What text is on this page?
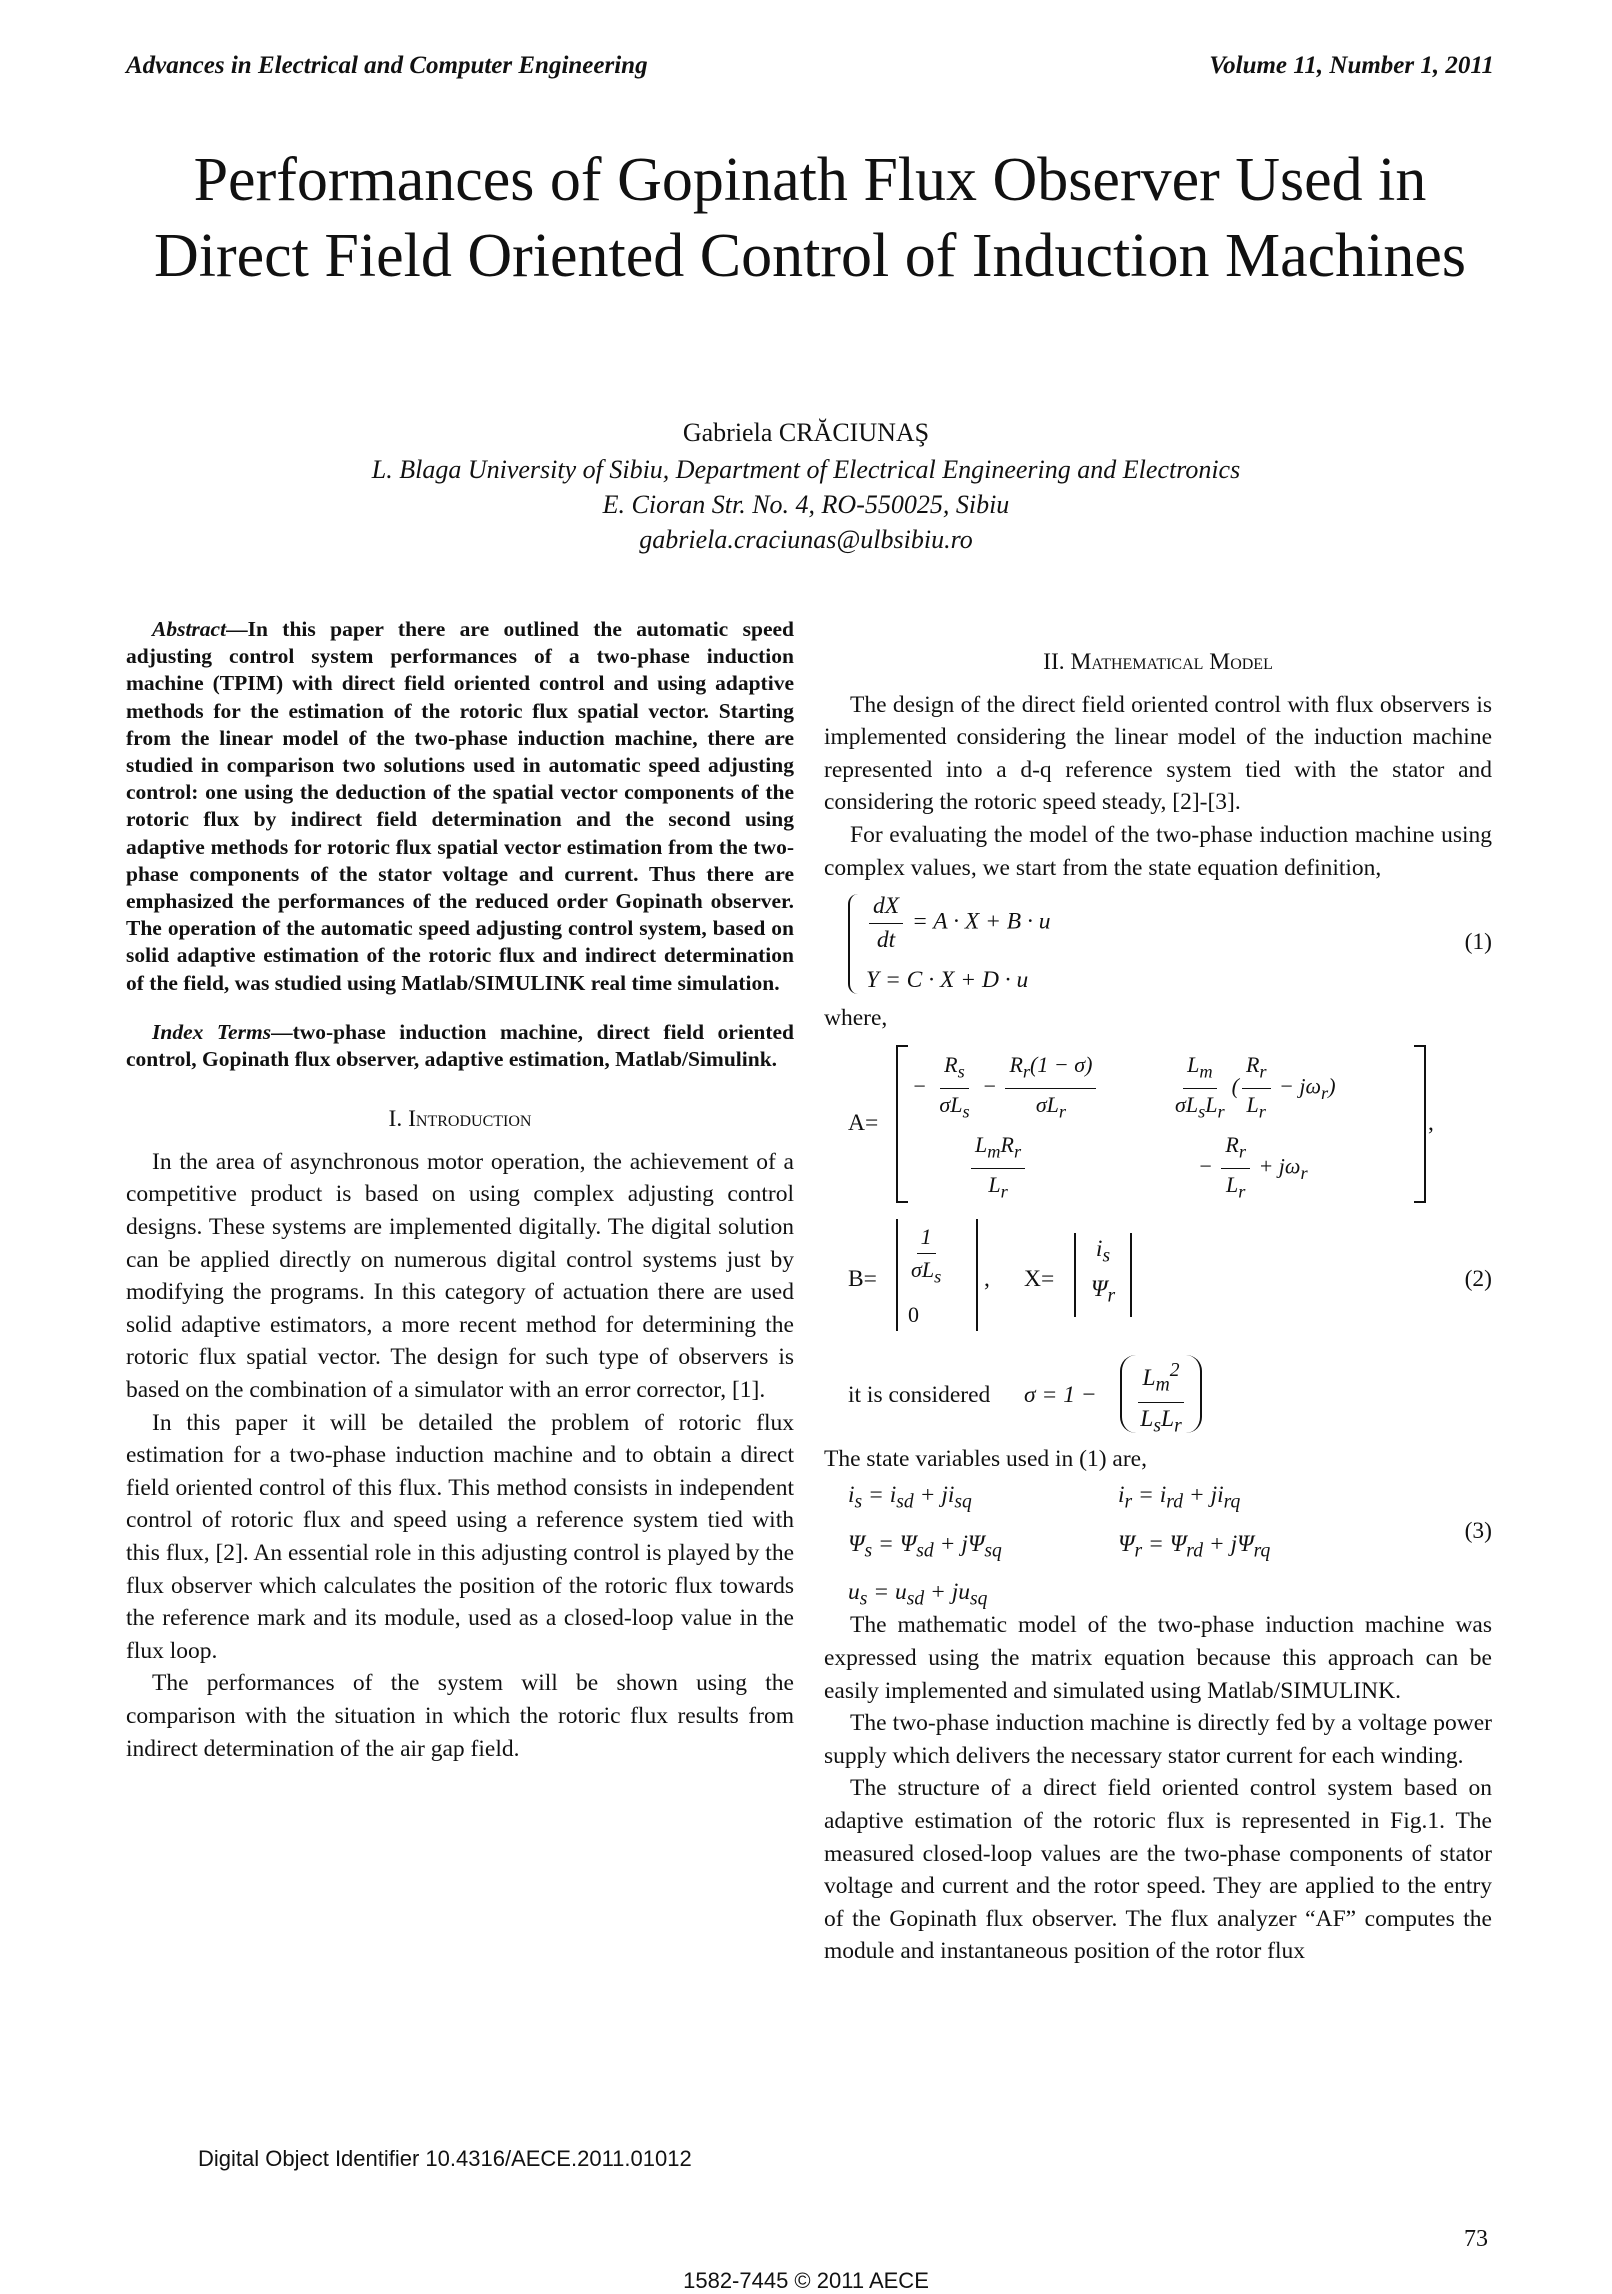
Advances in Electrical and Computer Engineering	Volume 11, Number 1, 2011
Performances of Gopinath Flux Observer Used in Direct Field Oriented Control of Induction Machines
Gabriela CRĂCIUNAŞ
L. Blaga University of Sibiu, Department of Electrical Engineering and Electronics
E. Cioran Str. No. 4, RO-550025, Sibiu
gabriela.craciunas@ulbsibiu.ro

Abstract—In this paper there are outlined the automatic speed adjusting control system performances of a two-phase induction machine (TPIM) with direct field oriented control and using adaptive methods for the estimation of the rotoric flux spatial vector. Starting from the linear model of the two-phase induction machine, there are studied in comparison two solutions used in automatic speed adjusting control: one using the deduction of the spatial vector components of the rotoric flux by indirect field determination and the second using adaptive methods for rotoric flux spatial vector estimation from the two-phase components of the stator voltage and current. Thus there are emphasized the performances of the reduced order Gopinath observer. The operation of the automatic speed adjusting control system, based on solid adaptive estimation of the rotoric flux and indirect determination of the field, was studied using Matlab/SIMULINK real time simulation.

Index Terms—two-phase induction machine, direct field oriented control, Gopinath flux observer, adaptive estimation, Matlab/Simulink.

I. Introduction

In the area of asynchronous motor operation, the achievement of a competitive product is based on using complex adjusting control designs. These systems are implemented digitally. The digital solution can be applied directly on numerous digital control systems just by modifying the programs. In this category of actuation there are used solid adaptive estimators, a more recent method for determining the rotoric flux spatial vector. The design for such type of observers is based on the combination of a simulator with an error corrector, [1].

In this paper it will be detailed the problem of rotoric flux estimation for a two-phase induction machine and to obtain a direct field oriented control of this flux. This method consists in independent control of rotoric flux and speed using a reference system tied with this flux, [2]. An essential role in this adjusting control is played by the flux observer which calculates the position of the rotoric flux towards the reference mark and its module, used as a closed-loop value in the flux loop.

The performances of the system will be shown using the comparison with the situation in which the rotoric flux results from indirect determination of the air gap field.

II. Mathematical Model

The design of the direct field oriented control with flux observers is implemented considering the linear model of the induction machine represented into a d-q reference system tied with the stator and considering the rotoric speed steady, [2]-[3].

For evaluating the model of the two-phase induction machine using complex values, we start from the state equation definition,

$\frac{dX}{dt} = A \cdot X + B \cdot u$
Y = C · X + D · u
(1)

where,

A=
− $\frac{R_s}{\sigma L_s} - \frac{R_r(1 - \sigma)}{\sigma L_r}$	$\frac{L_m}{\sigma L_sL_r}$ ( $\frac{R_r}{L_r} - j\omega_r$)
$\frac{L_mR_r}{L_r}$	− $\frac{R_r}{L_r} + j\omega_r$
,
$B= \frac{1}{\sigma L_s}$
0
, X=
$i_s$
$\Psi_r$
(2)
it is considered $\sigma = 1 - \frac{L_m^2}{L_sL_r}$

The state variables used in (1) are,

$i_s = i_{sd} + ji_{sq}$	$i_r = i_{rd} + ji_{rq}$
$\Psi_s = \Psi_{sd} + j\Psi_{sq}$	$\Psi_r = \Psi_{rd} + j\Psi_{rq}$
$u_s = u_{sd} + ju_{sq}$
(3)

The mathematic model of the two-phase induction machine was expressed using the matrix equation because this approach can be easily implemented and simulated using Matlab/SIMULINK.

The two-phase induction machine is directly fed by a voltage power supply which delivers the necessary stator current for each winding.

The structure of a direct field oriented control system based on adaptive estimation of the rotoric flux is represented in Fig.1. The measured closed-loop values are the two-phase components of stator voltage and current and the rotor speed. They are applied to the entry of the Gopinath flux observer. The flux analyzer “AF” computes the module and instantaneous position of the rotor flux

Digital Object Identifier 10.4316/AECE.2011.01012
73
1582-7445 © 2011 AECE
